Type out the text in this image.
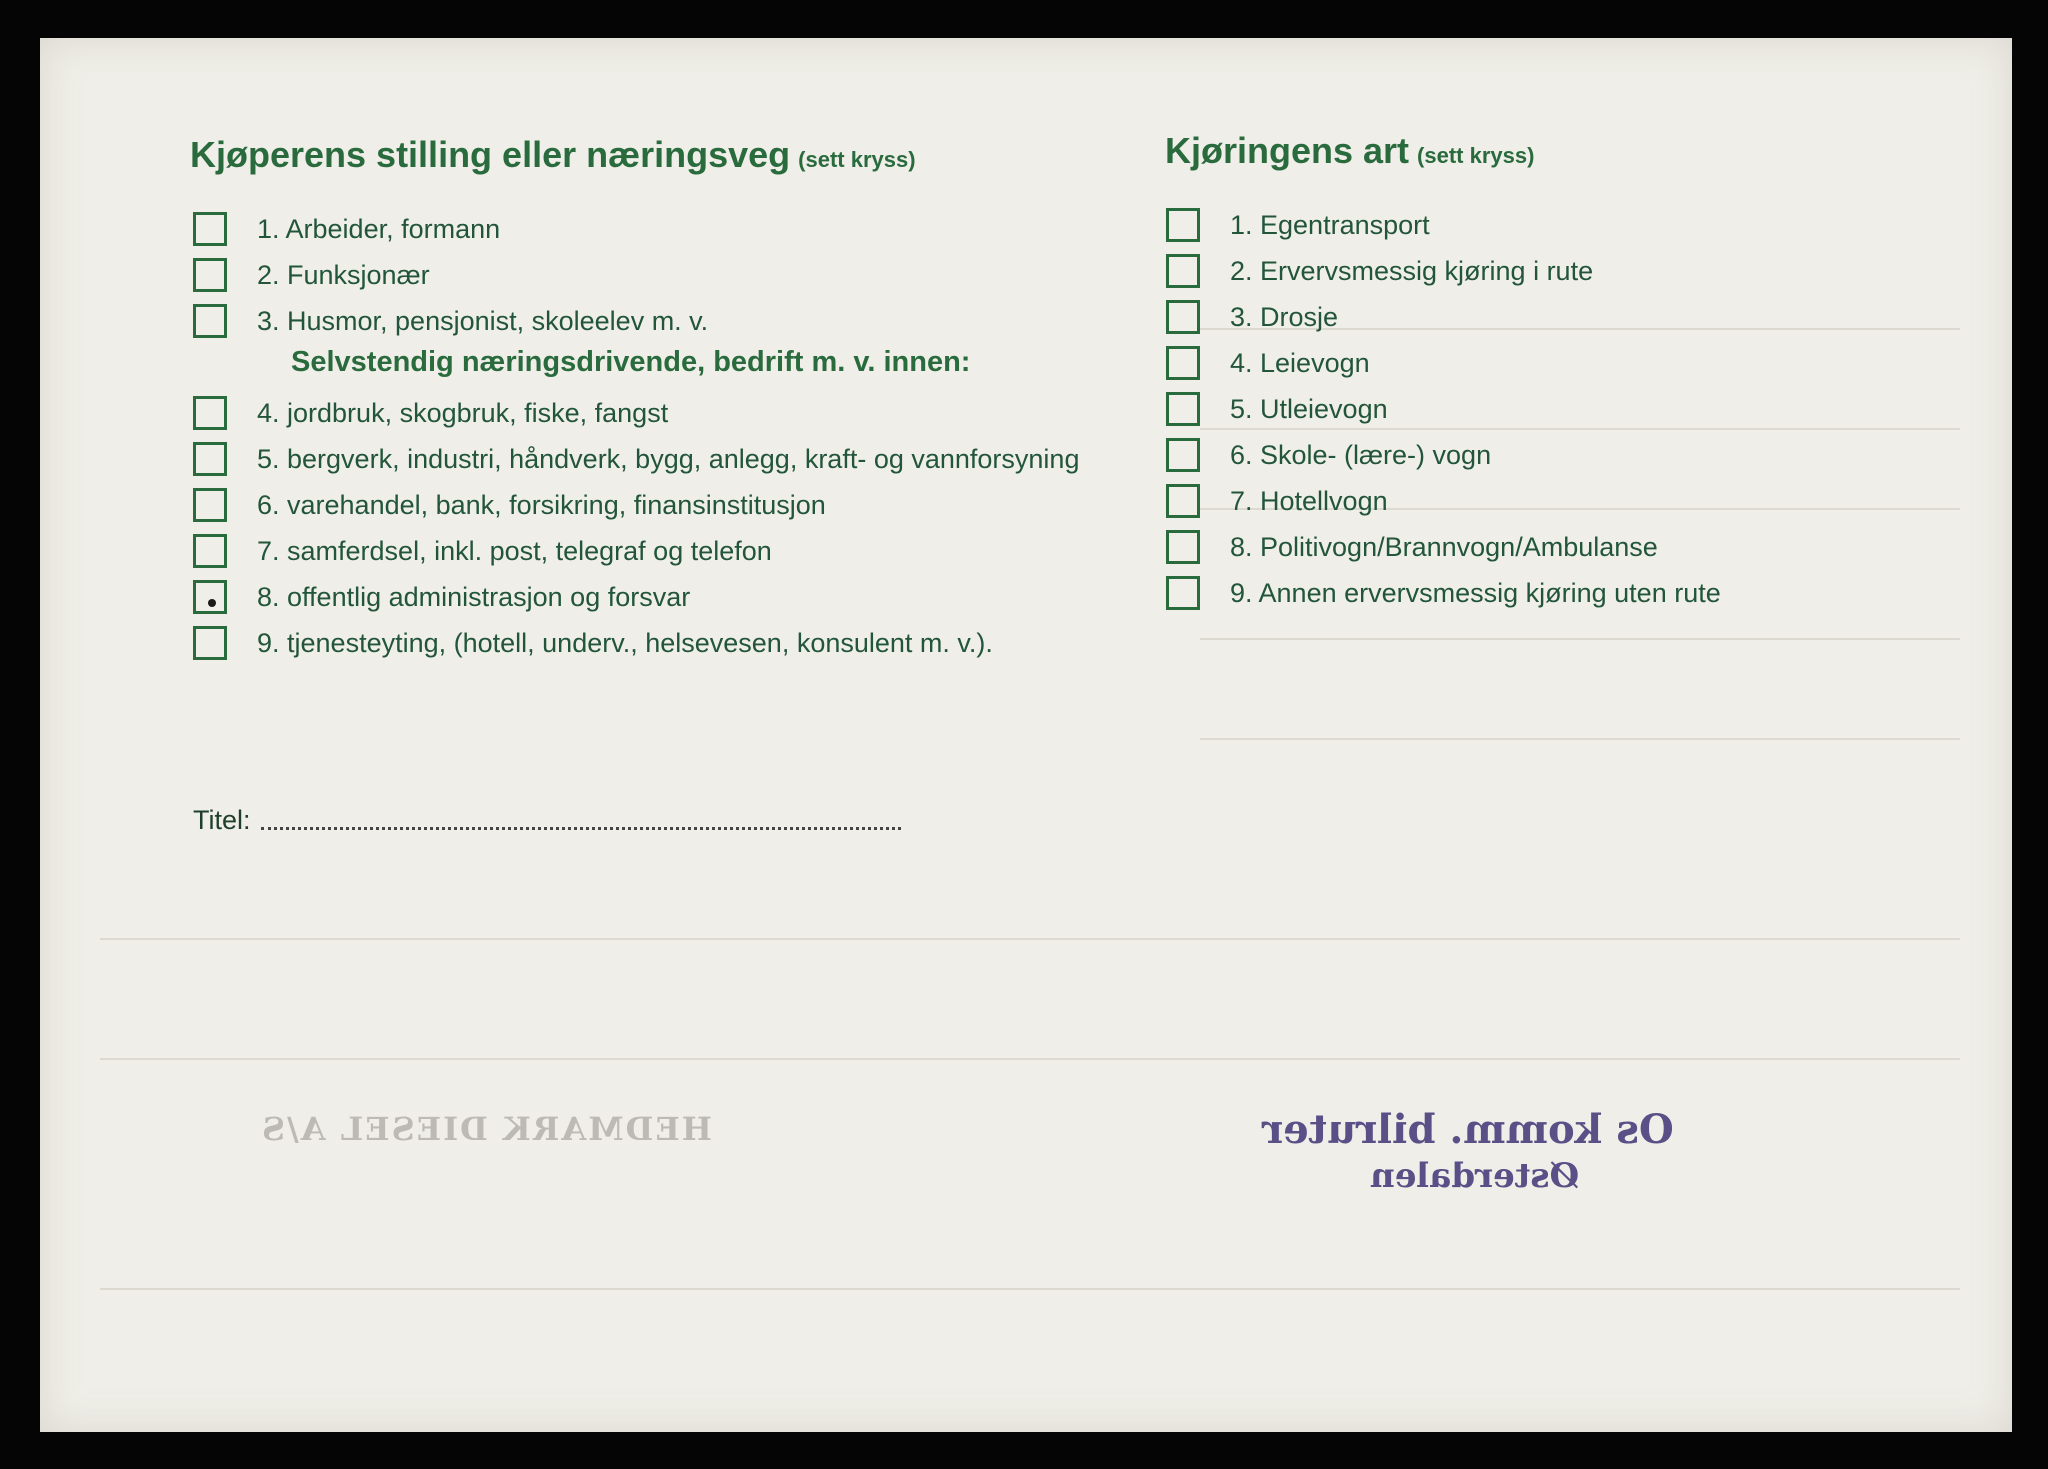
Kjøperens stilling eller næringsveg (sett kryss)
1. Arbeider, formann
2. Funksjonær
3. Husmor, pensjonist, skoleelev m. v.
Selvstendig næringsdrivende, bedrift m. v. innen:
4. jordbruk, skogbruk, fiske, fangst
5. bergverk, industri, håndverk, bygg, anlegg, kraft- og vannforsyning
6. varehandel, bank, forsikring, finansinstitusjon
7. samferdsel, inkl. post, telegraf og telefon
8. offentlig administrasjon og forsvar
9. tjenesteyting, (hotell, underv., helsevesen, konsulent m. v.).
Kjøringens art (sett kryss)
1. Egentransport
2. Ervervsmessig kjøring i rute
3. Drosje
4. Leievogn
5. Utleievogn
6. Skole- (lære-) vogn
7. Hotellvogn
8. Politivogn/Brannvogn/Ambulanse
9. Annen ervervsmessig kjøring uten rute
Titel:
HEDMARK DIESEL A/S	Os komm. bilruter
Østerdalen
